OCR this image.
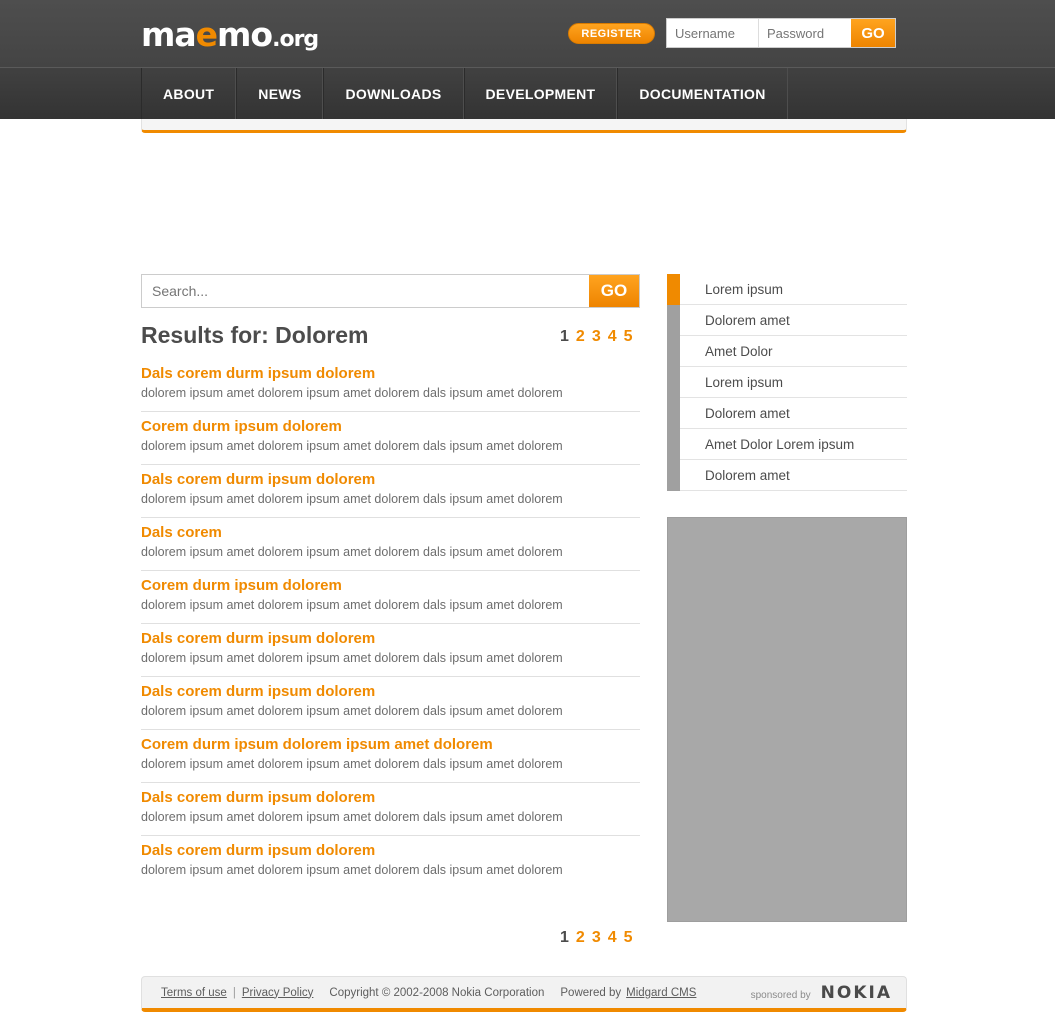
maemo.org	REGISTER
Username
Password	GO
ABOUT	NEWS	DOWNLOADS	DEVELOPMENT	DOCUMENTATION
Search...
GO
Results for: Dolorem	1 2 3 4 5

Dals corem durm ipsum dolorem

dolorem ipsum amet dolorem ipsum amet dolorem dals ipsum amet dolorem

Corem durm ipsum dolorem

dolorem ipsum amet dolorem ipsum amet dolorem dals ipsum amet dolorem

Dals corem durm ipsum dolorem

dolorem ipsum amet dolorem ipsum amet dolorem dals ipsum amet dolorem

Dals corem

dolorem ipsum amet dolorem ipsum amet dolorem dals ipsum amet dolorem

Corem durm ipsum dolorem

dolorem ipsum amet dolorem ipsum amet dolorem dals ipsum amet dolorem

Dals corem durm ipsum dolorem

dolorem ipsum amet dolorem ipsum amet dolorem dals ipsum amet dolorem

Dals corem durm ipsum dolorem

dolorem ipsum amet dolorem ipsum amet dolorem dals ipsum amet dolorem

Corem durm ipsum dolorem ipsum amet dolorem

dolorem ipsum amet dolorem ipsum amet dolorem dals ipsum amet dolorem

Dals corem durm ipsum dolorem

dolorem ipsum amet dolorem ipsum amet dolorem dals ipsum amet dolorem

Dals corem durm ipsum dolorem

dolorem ipsum amet dolorem ipsum amet dolorem dals ipsum amet dolorem

1 2 3 4 5
Lorem ipsum
Dolorem amet
Amet Dolor
Lorem ipsum
Dolorem amet
Amet Dolor Lorem ipsum
Dolorem amet
Terms of use | Privacy Policy Copyright © 2002-2008 Nokia Corporation Powered by Midgard CMS	sponsored by NOKIA
